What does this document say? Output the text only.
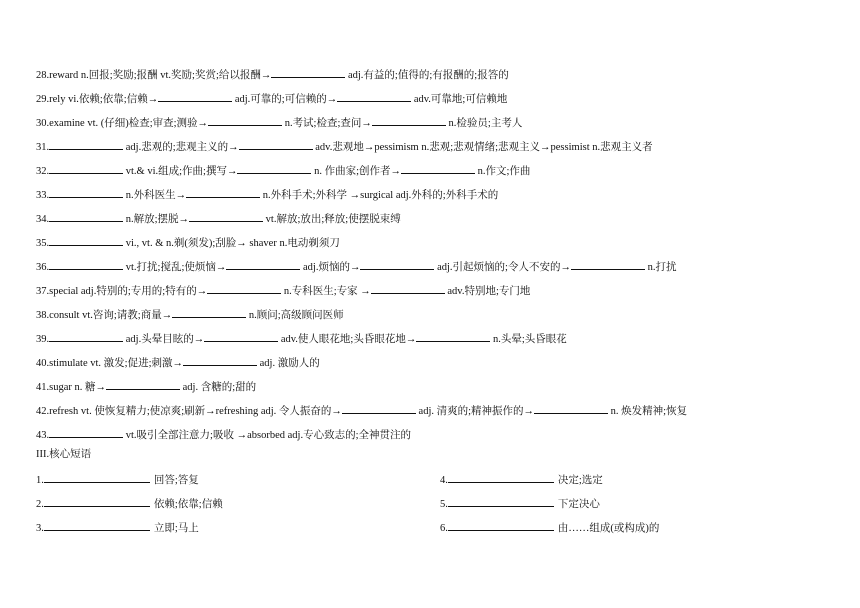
28.reward n.回报;奖励;报酬 vt.奖励;奖赏;给以报酬→	adj.有益的;值得的;有报酬的;报答的
29.rely vi.依赖;依靠;信赖→	adj.可靠的;可信赖的→	adv.可靠地;可信赖地
30.examine vt. (仔细)检查;审查;测验→	n.考试;检查;查问→	n.检验员;主考人
31.	adj.悲观的;悲观主义的→	adv.悲观地→pessimism n.悲观;悲观情绪;悲观主义→pessimist n.悲观主义者
32.	vt.& vi.组成;作曲;撰写→	n. 作曲家;创作者→	n.作文;作曲
33.	n.外科医生→	n.外科手术;外科学 →surgical adj.外科的;外科手术的
34.	n.解放;摆脱→	vt.解放;放出;释放;使摆脱束缚
35.	vi., vt. & n.剃(须发);刮脸→ shaver n.电动剃须刀
36.	vt.打扰;搅乱;使烦恼→	adj.烦恼的→	adj.引起烦恼的;令人不安的→	n.打扰
37.special adj.特别的;专用的;特有的→	n.专科医生;专家 →	adv.特别地;专门地
38.consult vt.咨询;请教;商量→	n.顾问;高级顾问医师
39.	adj.头晕目眩的→	adv.使人眼花地;头昏眼花地→	n.头晕;头昏眼花
40.stimulate vt. 激发;促进;刺激→	adj. 激励人的
41.sugar n. 糖→	adj. 含糖的;甜的
42.refresh vt. 使恢复精力;使凉爽;刷新→refreshing adj. 令人振奋的→	adj. 清爽的;精神振作的→	n. 焕发精神;恢复
43.	vt.吸引全部注意力;吸收 →absorbed adj.专心致志的;全神贯注的
III.核心短语
1.	回答;答复
2.	依赖;依靠;信赖
3.	立即;马上
4.	决定;选定
5.	下定决心
6.	由……组成(或构成)的
